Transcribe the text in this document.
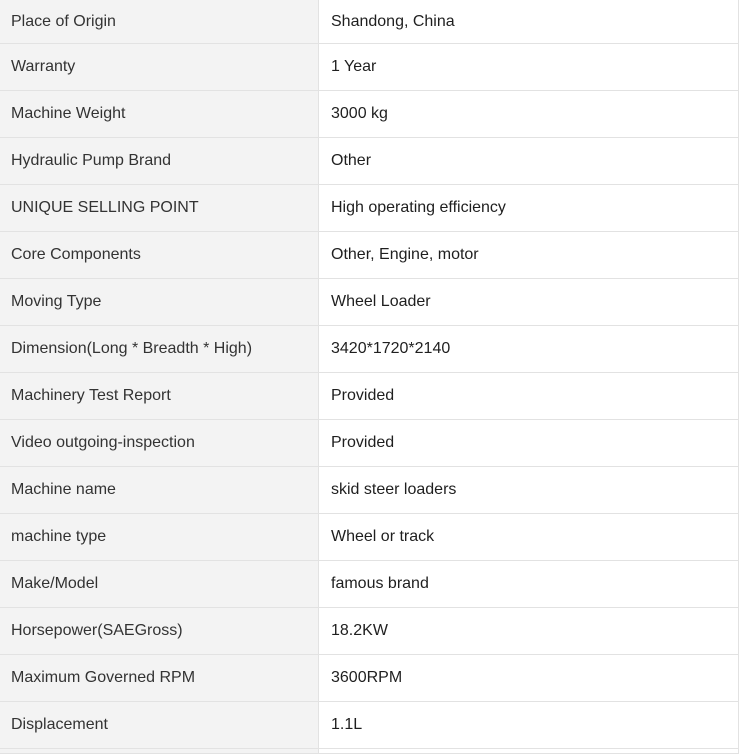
Place of Origin	Shandong, China
Warranty	1 Year
Machine Weight	3000 kg
Hydraulic Pump Brand	Other
UNIQUE SELLING POINT	High operating efficiency
Core Components	Other, Engine, motor
Moving Type	Wheel Loader
Dimension(Long * Breadth * High)	3420*1720*2140
Machinery Test Report	Provided
Video outgoing-inspection	Provided
Machine name	skid steer loaders
machine type	Wheel or track
Make/Model	famous brand
Horsepower(SAEGross)	18.2KW
Maximum Governed RPM	3600RPM
Displacement	1.1L
